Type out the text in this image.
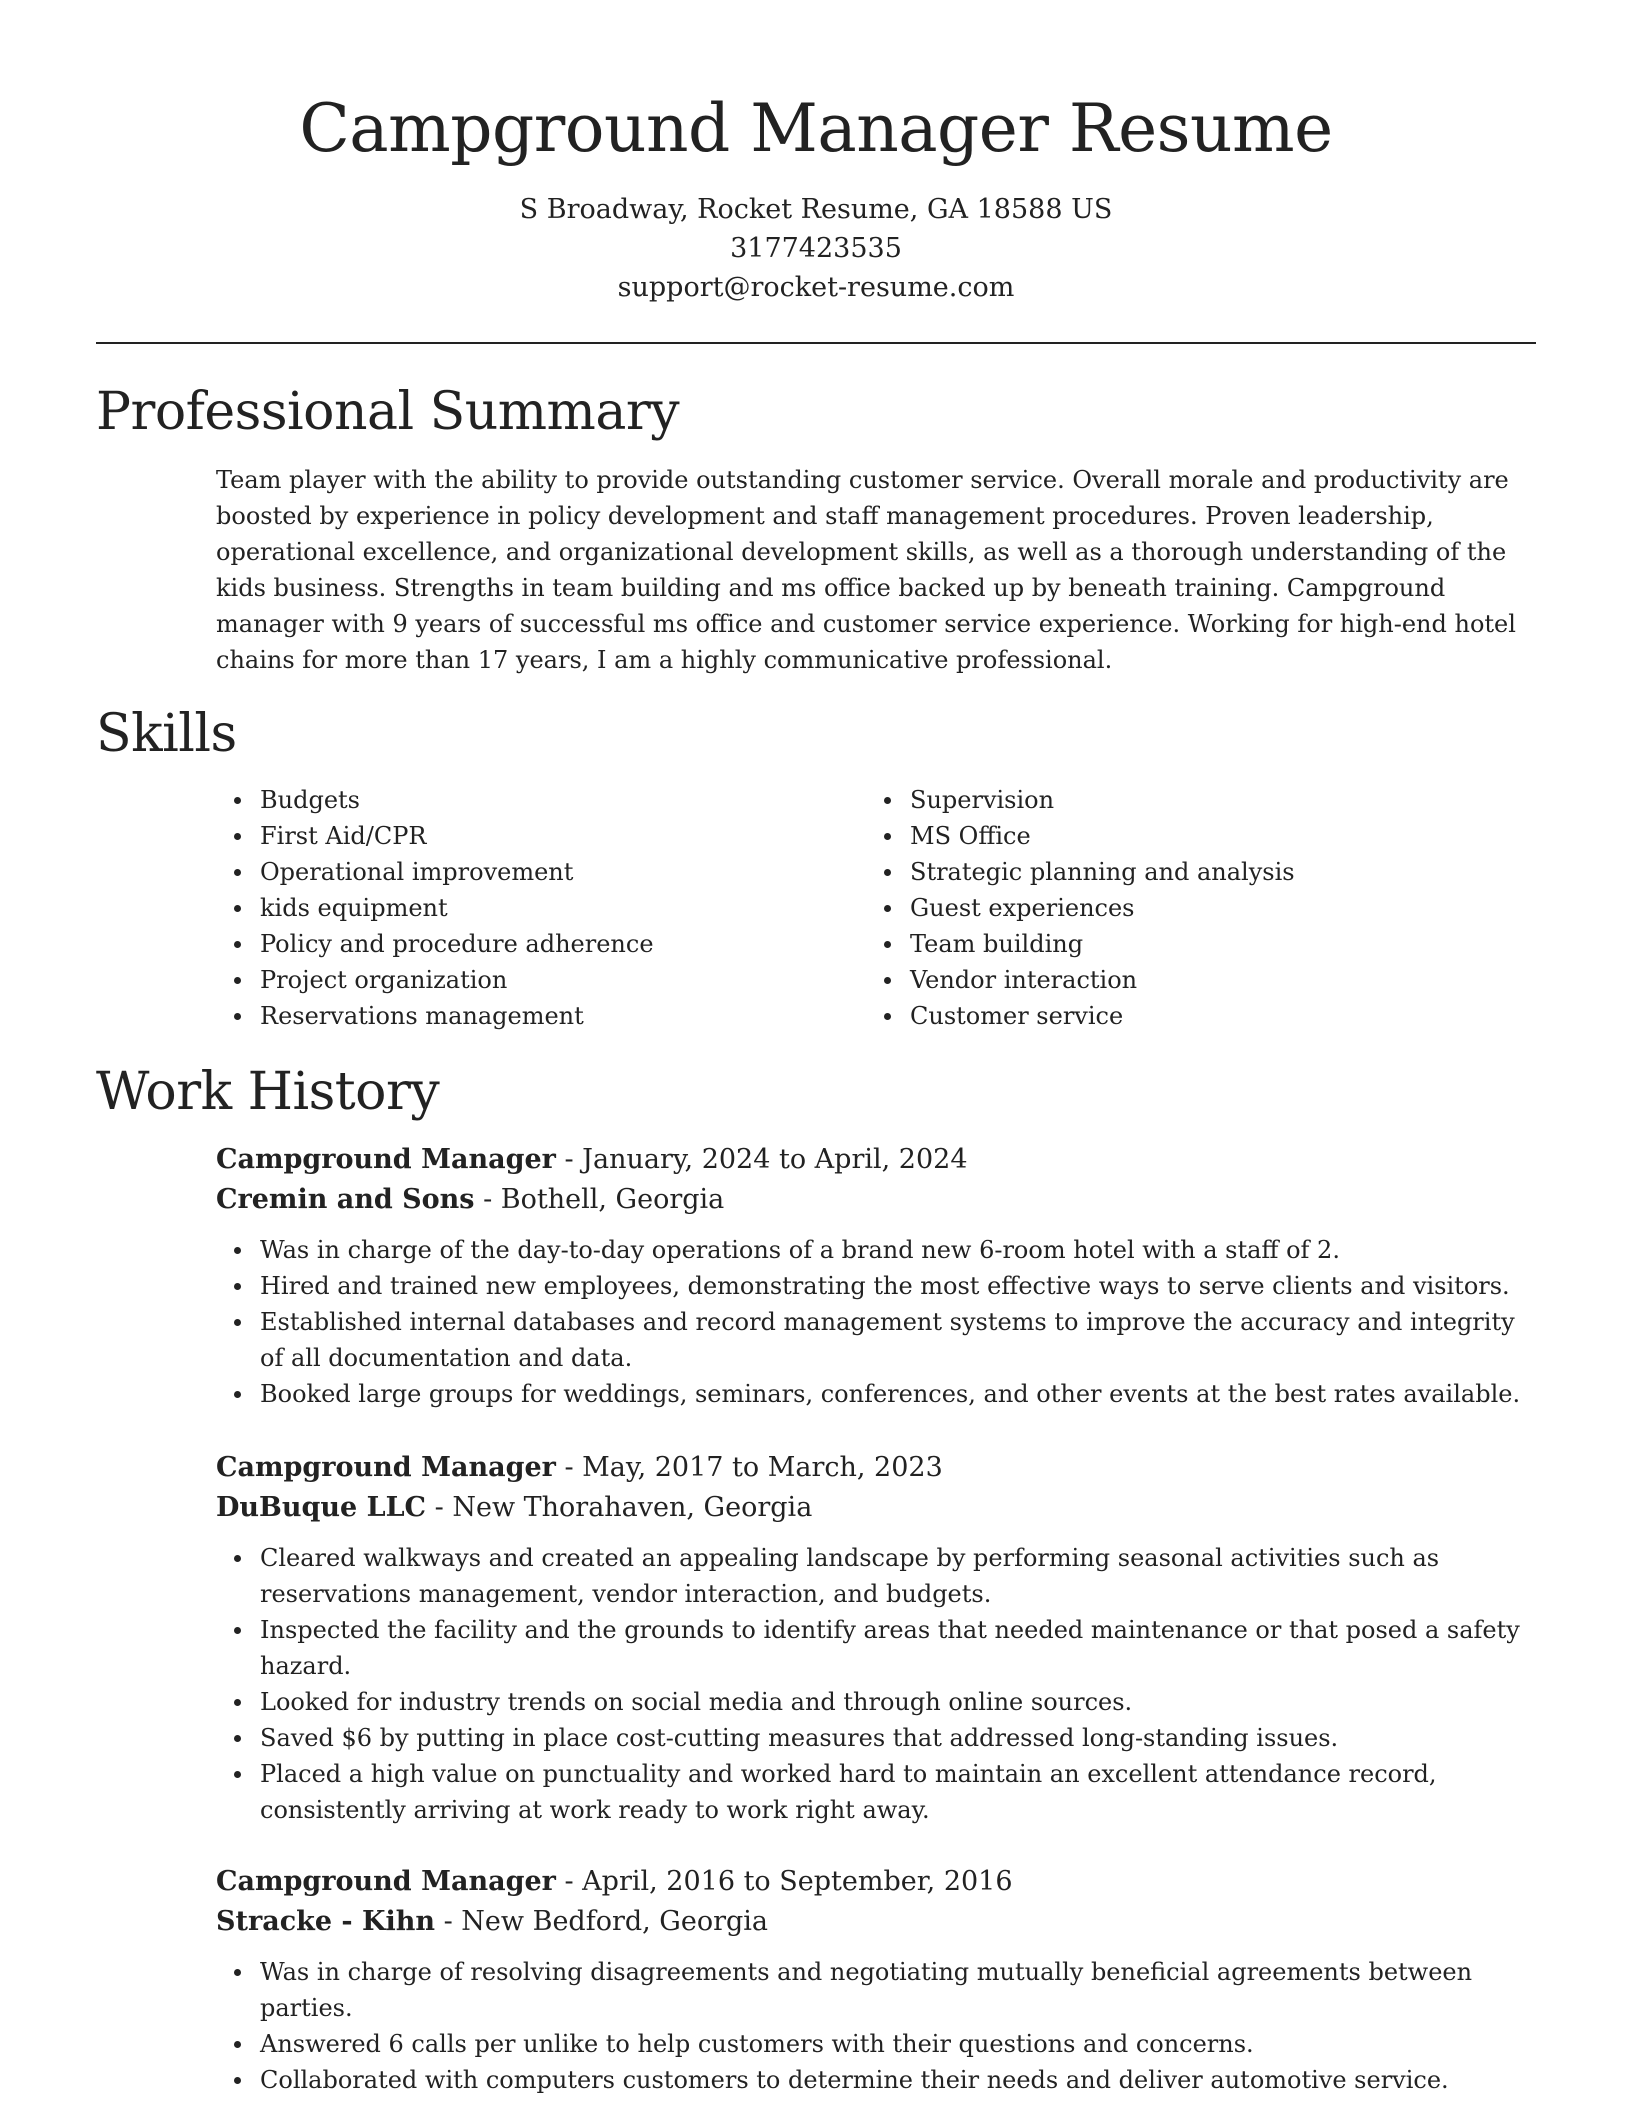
Campground Manager Resume
S Broadway, Rocket Resume, GA 18588 US
3177423535
support@rocket-resume.com
Professional Summary

Team player with the ability to provide outstanding customer service. Overall morale and productivity are boosted by experience in policy development and staff management procedures. Proven leadership, operational excellence, and organizational development skills, as well as a thorough understanding of the kids business. Strengths in team building and ms office backed up by beneath training. Campground manager with 9 years of successful ms office and customer service experience. Working for high-end hotel chains for more than 17 years, I am a highly communicative professional.

Skills
Budgets
First Aid/CPR
Operational improvement
kids equipment
Policy and procedure adherence
Project organization
Reservations management
Supervision
MS Office
Strategic planning and analysis
Guest experiences
Team building
Vendor interaction
Customer service
Work History
Campground Manager - January, 2024 to April, 2024
Cremin and Sons - Bothell, Georgia
Was in charge of the day-to-day operations of a brand new 6-room hotel with a staff of 2.
Hired and trained new employees, demonstrating the most effective ways to serve clients and visitors.
Established internal databases and record management systems to improve the accuracy and integrity of all documentation and data.
Booked large groups for weddings, seminars, conferences, and other events at the best rates available.
Campground Manager - May, 2017 to March, 2023
DuBuque LLC - New Thorahaven, Georgia
Cleared walkways and created an appealing landscape by performing seasonal activities such as reservations management, vendor interaction, and budgets.
Inspected the facility and the grounds to identify areas that needed maintenance or that posed a safety hazard.
Looked for industry trends on social media and through online sources.
Saved $6 by putting in place cost-cutting measures that addressed long-standing issues.
Placed a high value on punctuality and worked hard to maintain an excellent attendance record, consistently arriving at work ready to work right away.
Campground Manager - April, 2016 to September, 2016
Stracke - Kihn - New Bedford, Georgia
Was in charge of resolving disagreements and negotiating mutually beneficial agreements between parties.
Answered 6 calls per unlike to help customers with their questions and concerns.
Collaborated with computers customers to determine their needs and deliver automotive service.
